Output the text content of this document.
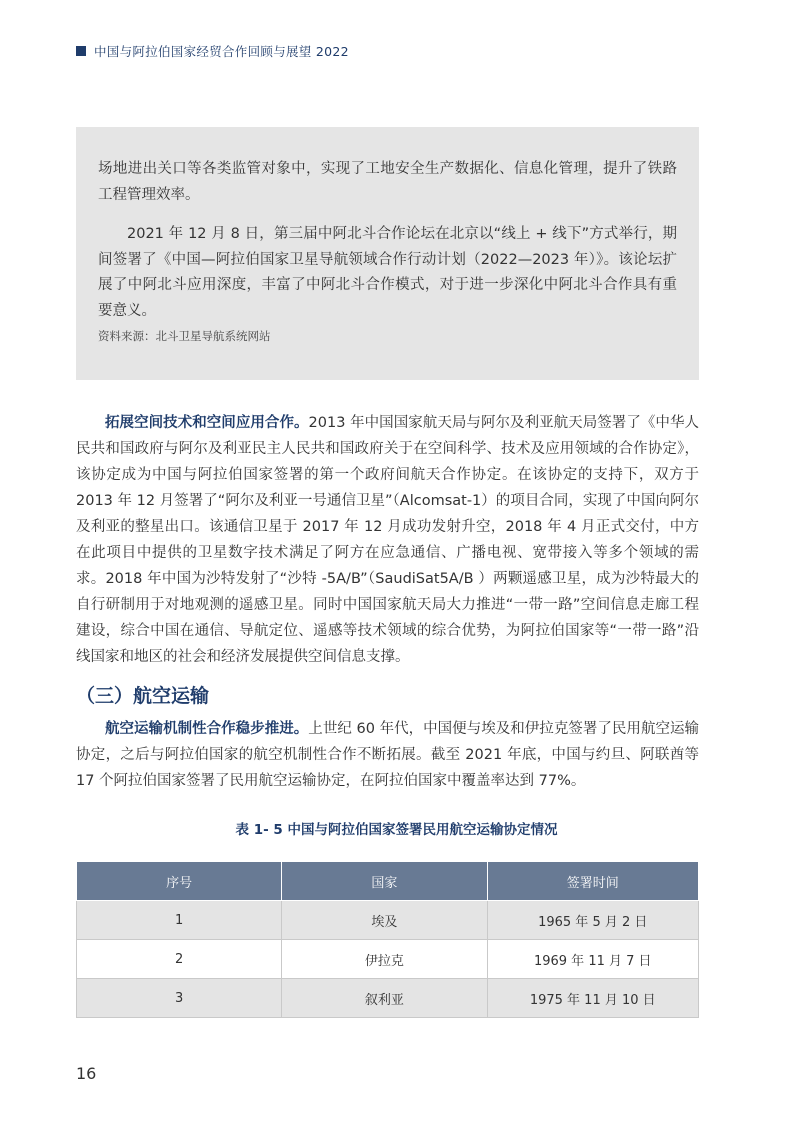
中国与阿拉伯国家经贸合作回顾与展望 2022

场地进出关口等各类监管对象中，实现了工地安全生产数据化、信息化管理，提升了铁路工程管理效率。

2021 年 12 月 8 日，第三届中阿北斗合作论坛在北京以“线上 + 线下”方式举行，期间签署了《中国—阿拉伯国家卫星导航领域合作行动计划（2022—2023 年）》。该论坛扩展了中阿北斗应用深度，丰富了中阿北斗合作模式，对于进一步深化中阿北斗合作具有重要意义。

资料来源：北斗卫星导航系统网站

拓展空间技术和空间应用合作。2013 年中国国家航天局与阿尔及利亚航天局签署了《中华人民共和国政府与阿尔及利亚民主人民共和国政府关于在空间科学、技术及应用领域的合作协定》，该协定成为中国与阿拉伯国家签署的第一个政府间航天合作协定。在该协定的支持下，双方于 2013 年 12 月签署了“阿尔及利亚一号通信卫星”（Alcomsat-1）的项目合同，实现了中国向阿尔及利亚的整星出口。该通信卫星于 2017 年 12 月成功发射升空，2018 年 4 月正式交付，中方在此项目中提供的卫星数字技术满足了阿方在应急通信、广播电视、宽带接入等多个领域的需求。2018 年中国为沙特发射了“沙特 -5A/B”（SaudiSat5A/B ）两颗遥感卫星，成为沙特最大的自行研制用于对地观测的遥感卫星。同时中国国家航天局大力推进“一带一路”空间信息走廊工程建设，综合中国在通信、导航定位、遥感等技术领域的综合优势，为阿拉伯国家等“一带一路”沿线国家和地区的社会和经济发展提供空间信息支撑。

（三）航空运输

航空运输机制性合作稳步推进。上世纪 60 年代，中国便与埃及和伊拉克签署了民用航空运输协定，之后与阿拉伯国家的航空机制性合作不断拓展。截至 2021 年底，中国与约旦、阿联酋等 17 个阿拉伯国家签署了民用航空运输协定，在阿拉伯国家中覆盖率达到 77%。

表 1- 5 中国与阿拉伯国家签署民用航空运输协定情况
序号	国家	签署时间
1	埃及	1965 年 5 月 2 日
2	伊拉克	1969 年 11 月 7 日
3	叙利亚	1975 年 11 月 10 日
16
